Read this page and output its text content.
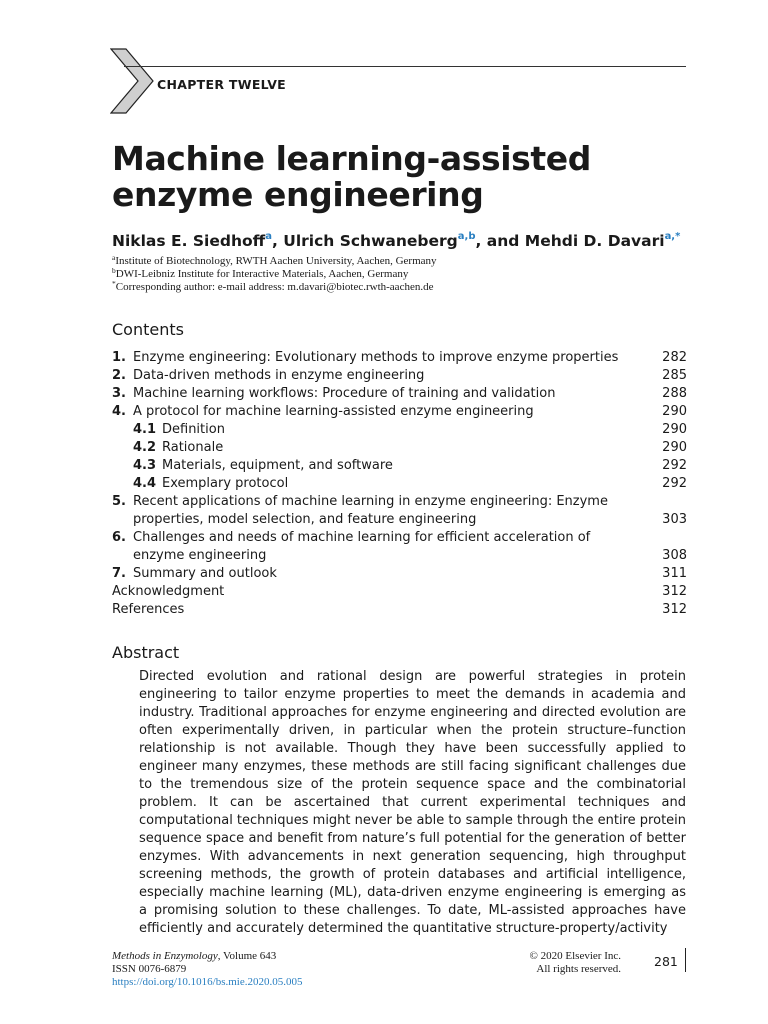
CHAPTER TWELVE
Machine learning-assisted enzyme engineering
Niklas E. Siedhoff$^a$, Ulrich Schwaneberg$^{a,b}$, and Mehdi D. Davari$^{a,*}$
$^a$Institute of Biotechnology, RWTH Aachen University, Aachen, Germany
$^b$DWI-Leibniz Institute for Interactive Materials, Aachen, Germany
*Corresponding author: e-mail address: m.davari@biotec.rwth-aachen.de
Contents
1. Enzyme engineering: Evolutionary methods to improve enzyme properties	282
2. Data-driven methods in enzyme engineering	285
3. Machine learning workflows: Procedure of training and validation	288
4. A protocol for machine learning-assisted enzyme engineering	290
4.1 Definition	290
4.2 Rationale	290
4.3 Materials, equipment, and software	292
4.4 Exemplary protocol	292
5. Recent applications of machine learning in enzyme engineering: Enzyme properties, model selection, and feature engineering	303
6. Challenges and needs of machine learning for efficient acceleration of enzyme engineering	308
7. Summary and outlook	311
Acknowledgment	312
References	312
Abstract
Directed evolution and rational design are powerful strategies in protein engineering to tailor enzyme properties to meet the demands in academia and industry. Traditional approaches for enzyme engineering and directed evolution are often experimentally driven, in particular when the protein structure–function relationship is not available. Though they have been successfully applied to engineer many enzymes, these methods are still facing significant challenges due to the tremendous size of the protein sequence space and the combinatorial problem. It can be ascertained that current experimental techniques and computational techniques might never be able to sample through the entire protein sequence space and benefit from nature’s full potential for the generation of better enzymes. With advancements in next generation sequencing, high throughput screening methods, the growth of protein databases and artificial intelligence, especially machine learning (ML), data-driven enzyme engineering is emerging as a promising solution to these challenges. To date, ML-assisted approaches have efficiently and accurately determined the quantitative structure-property/activity
Methods in Enzymology, Volume 643
ISSN 0076-6879
https://doi.org/10.1016/bs.mie.2020.05.005
© 2020 Elsevier Inc.
All rights reserved.	281
